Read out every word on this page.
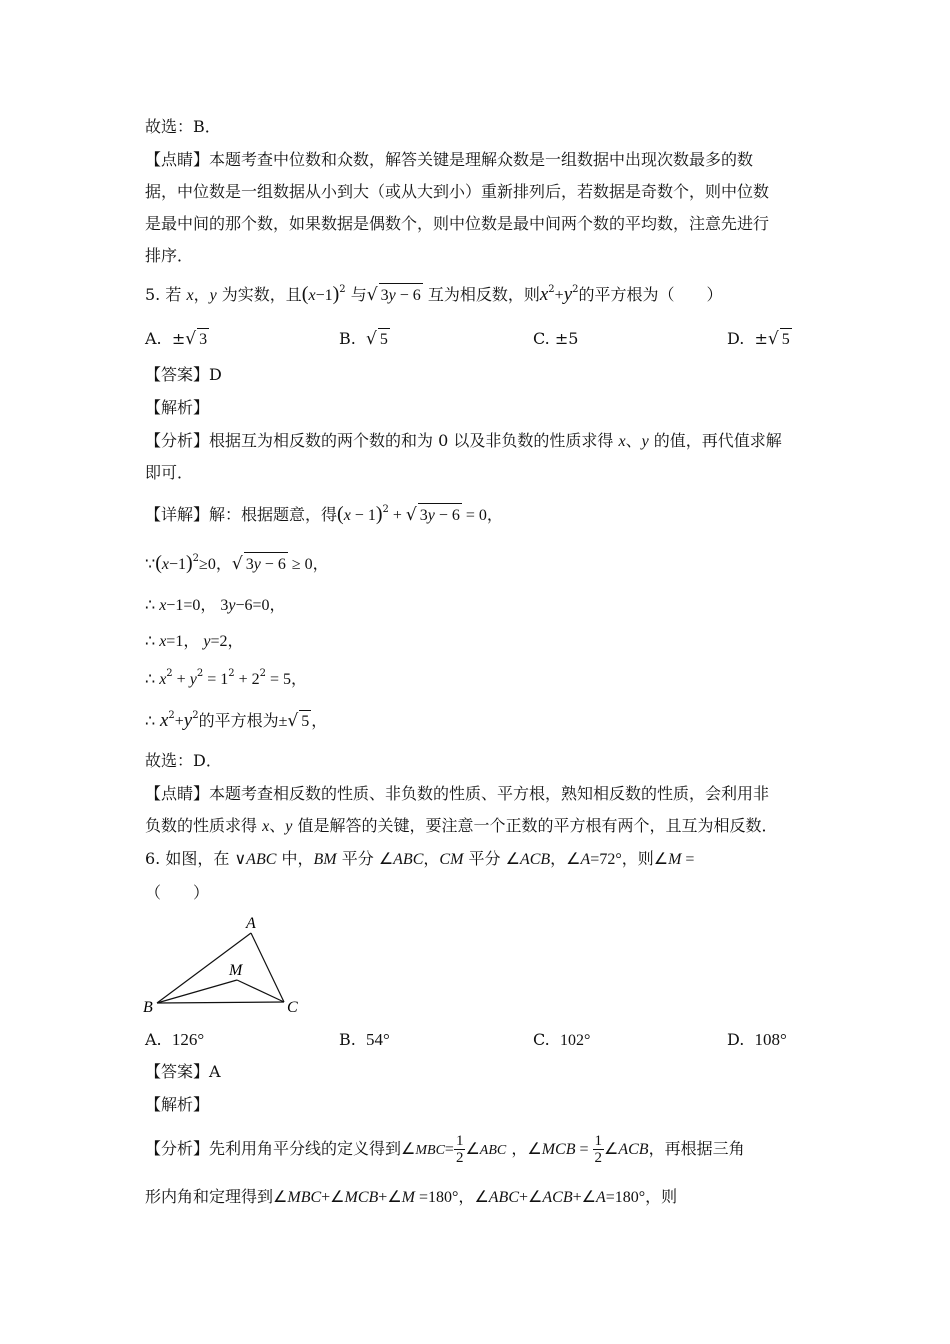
故选：B．
【点睛】本题考查中位数和众数，解答关键是理解众数是一组数据中出现次数最多的数
据，中位数是一组数据从小到大（或从大到小）重新排列后，若数据是奇数个，则中位数
是最中间的那个数，如果数据是偶数个，则中位数是最中间两个数的平均数，注意先进行
排序．
5. 若 x，y 为实数，且$(x-1)^2$ 与√ 3y − 6 互为相反数，则$x^2+y^2$的平方根为（　　）
A. ±√ 3	B. √ 5	C. ±5	D. ±√ 5
【答案】D
【解析】
【分析】根据互为相反数的两个数的和为 0 以及非负数的性质求得 x、y 的值，再代值求解
即可．
【详解】解：根据题意，得$(x - 1)^2$ + √ 3y − 6 = 0，
$\because(x-1)^2\ge 0$，√ 3y − 6 ≥ 0，
∴ x−1=0， 3y−6=0，
∴ x=1， y=2，
∴ $x^2 + y^2 = 1^2 + 2^2 = 5$，
∴ $x^2+y^2$的平方根为±√ 5 ，
故选：D．
【点睛】本题考查相反数的性质、非负数的性质、平方根，熟知相反数的性质，会利用非
负数的性质求得 x、y 值是解答的关键，要注意一个正数的平方根有两个，且互为相反数．
6. 如图，在 ∨ABC 中，BM 平分 ∠ABC，CM 平分 ∠ACB，∠A=72°，则∠M =
（　　）
A
M
B	C
A. 126°	B. 54°	C. 102°	D. 108°
【答案】A
【解析】
【分析】先利用角平分线的定义得到∠MBC= $\frac{1}{2}$ ∠ABC ，∠MCB = $\frac{1}{2}$ ∠ACB，再根据三角
形内角和定理得到∠MBC+∠MCB+∠M =180°，∠ABC+∠ACB+∠A=180°，则
